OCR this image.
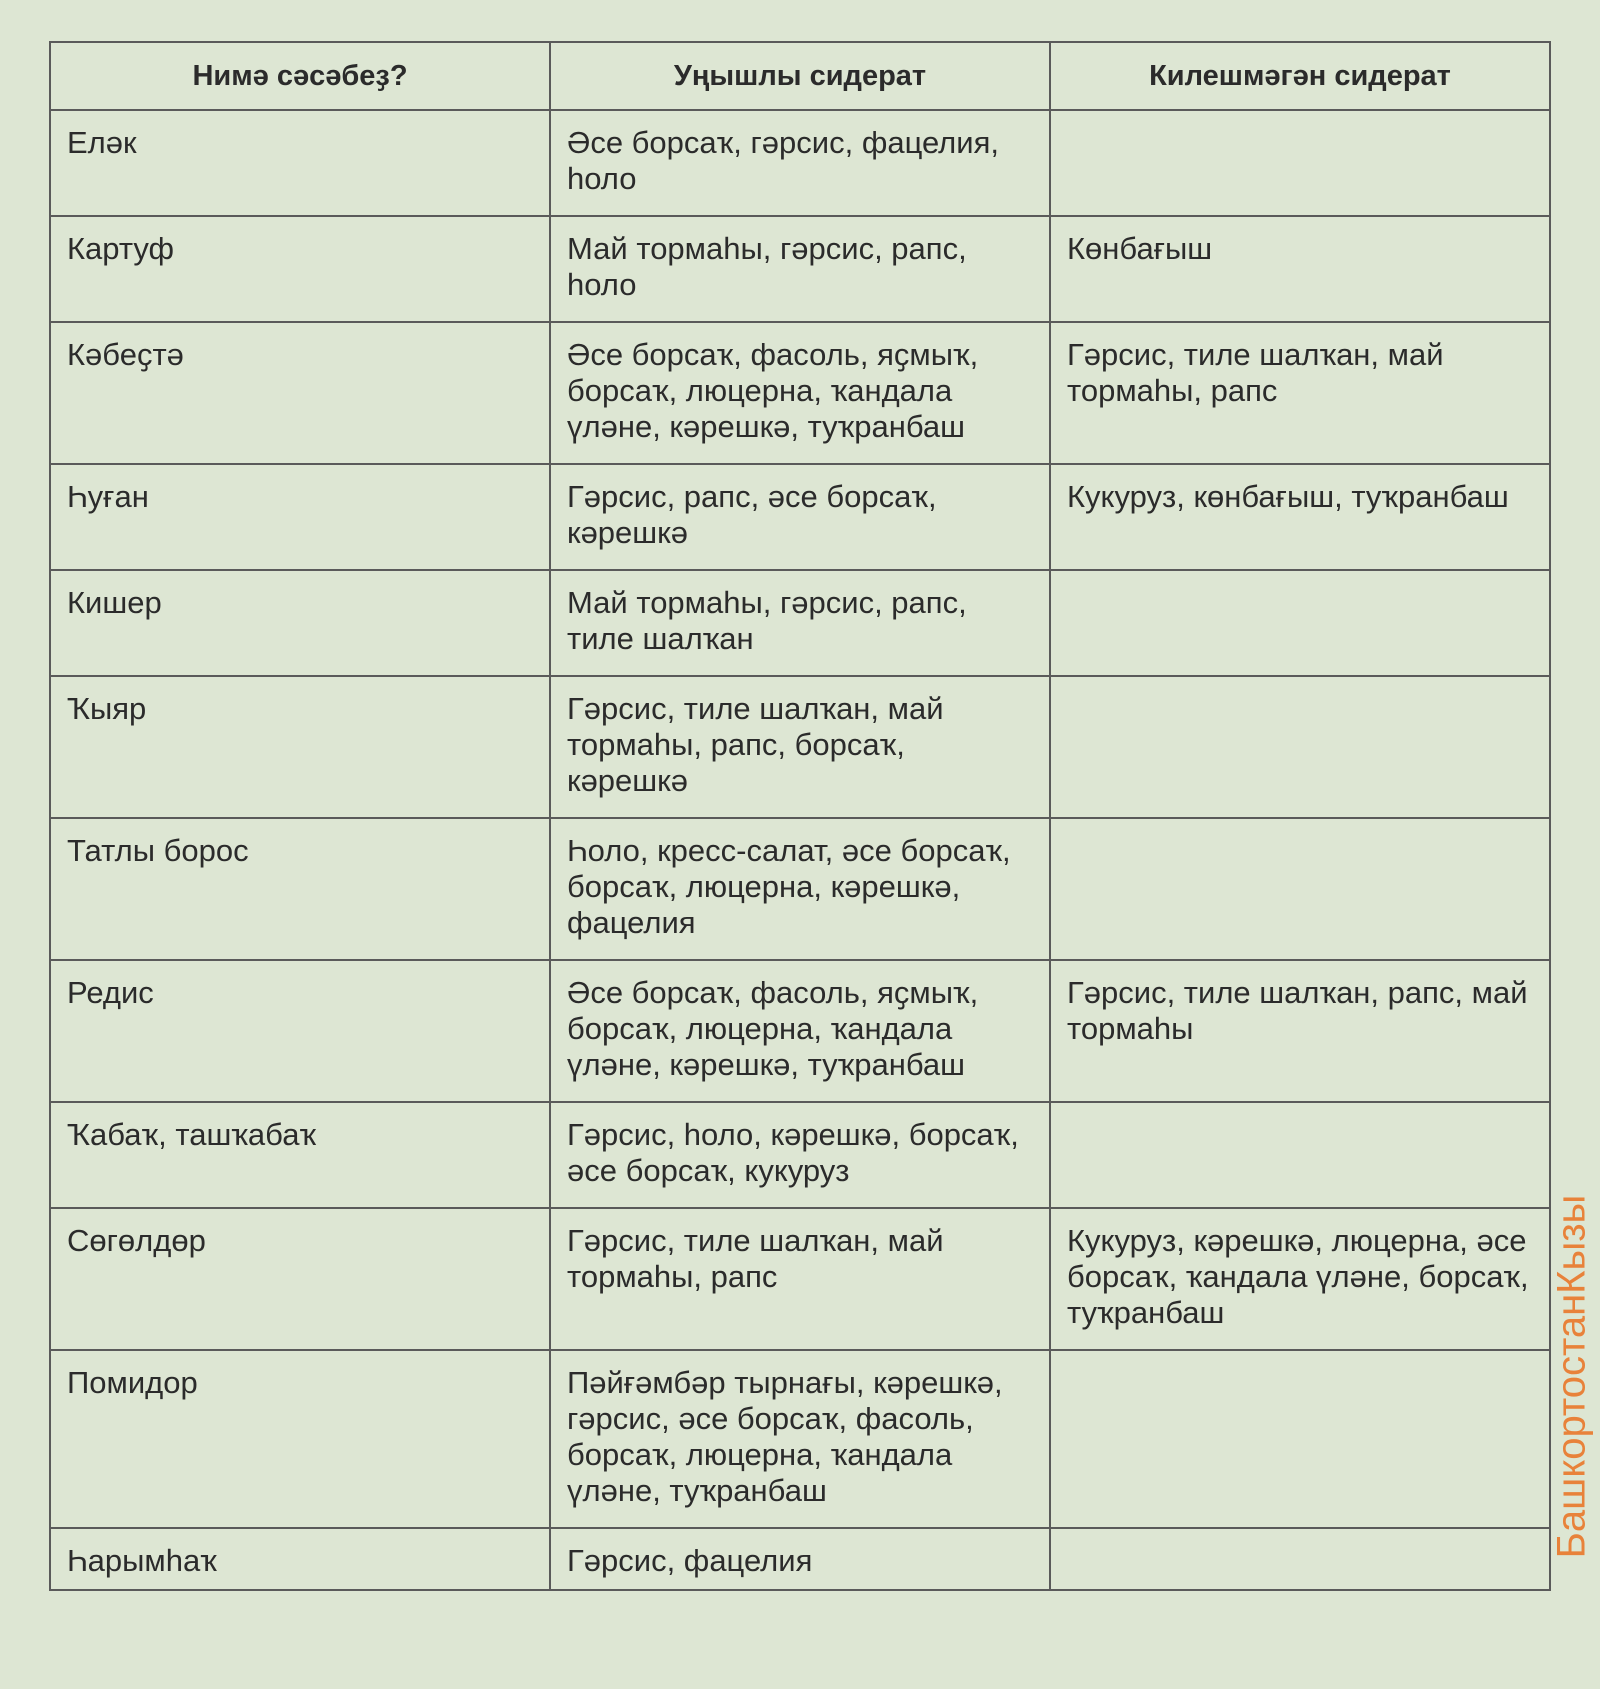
Нимә сәсәбеҙ?	Уңышлы сидерат	Килешмәгән сидерат
Еләк	Әсе борсаҡ, гәрсис, фацелия, һоло	
Картуф	Май тормаһы, гәрсис, рапс, һоло	Көнбағыш
Кәбеҫтә	Әсе борсаҡ, фасоль, яҫмыҡ, борсаҡ, люцерна, ҡандала үләне, кәрешкә, туҡранбаш	Гәрсис, тиле шалҡан, май тормаһы, рапс
Һуған	Гәрсис, рапс, әсе борсаҡ, кәрешкә	Кукуруз, көнбағыш, туҡранбаш
Кишер	Май тормаһы, гәрсис, рапс, тиле шалҡан	
Ҡыяр	Гәрсис, тиле шалҡан, май тормаһы, рапс, борсаҡ, кәрешкә	
Татлы борос	Һоло, кресс-салат, әсе борсаҡ, борсаҡ, люцерна, кәрешкә, фацелия	
Редис	Әсе борсаҡ, фасоль, яҫмыҡ, борсаҡ, люцерна, ҡандала үләне, кәрешкә, туҡранбаш	Гәрсис, тиле шалҡан, рапс, май тормаһы
Ҡабаҡ, ташҡабаҡ	Гәрсис, һоло, кәрешкә, борсаҡ, әсе борсаҡ, кукуруз	
Сөгөлдөр	Гәрсис, тиле шалҡан, май тормаһы, рапс	Кукуруз, кәрешкә, люцерна, әсе борсаҡ, ҡандала үләне, борсаҡ, туҡранбаш
Помидор	Пәйғәмбәр тырнағы, кәрешкә, гәрсис, әсе борсаҡ, фасоль, борсаҡ, люцерна, ҡандала үләне, туҡранбаш	
Һарымһаҡ	Гәрсис, фацелия	
БашкортостанКызы
